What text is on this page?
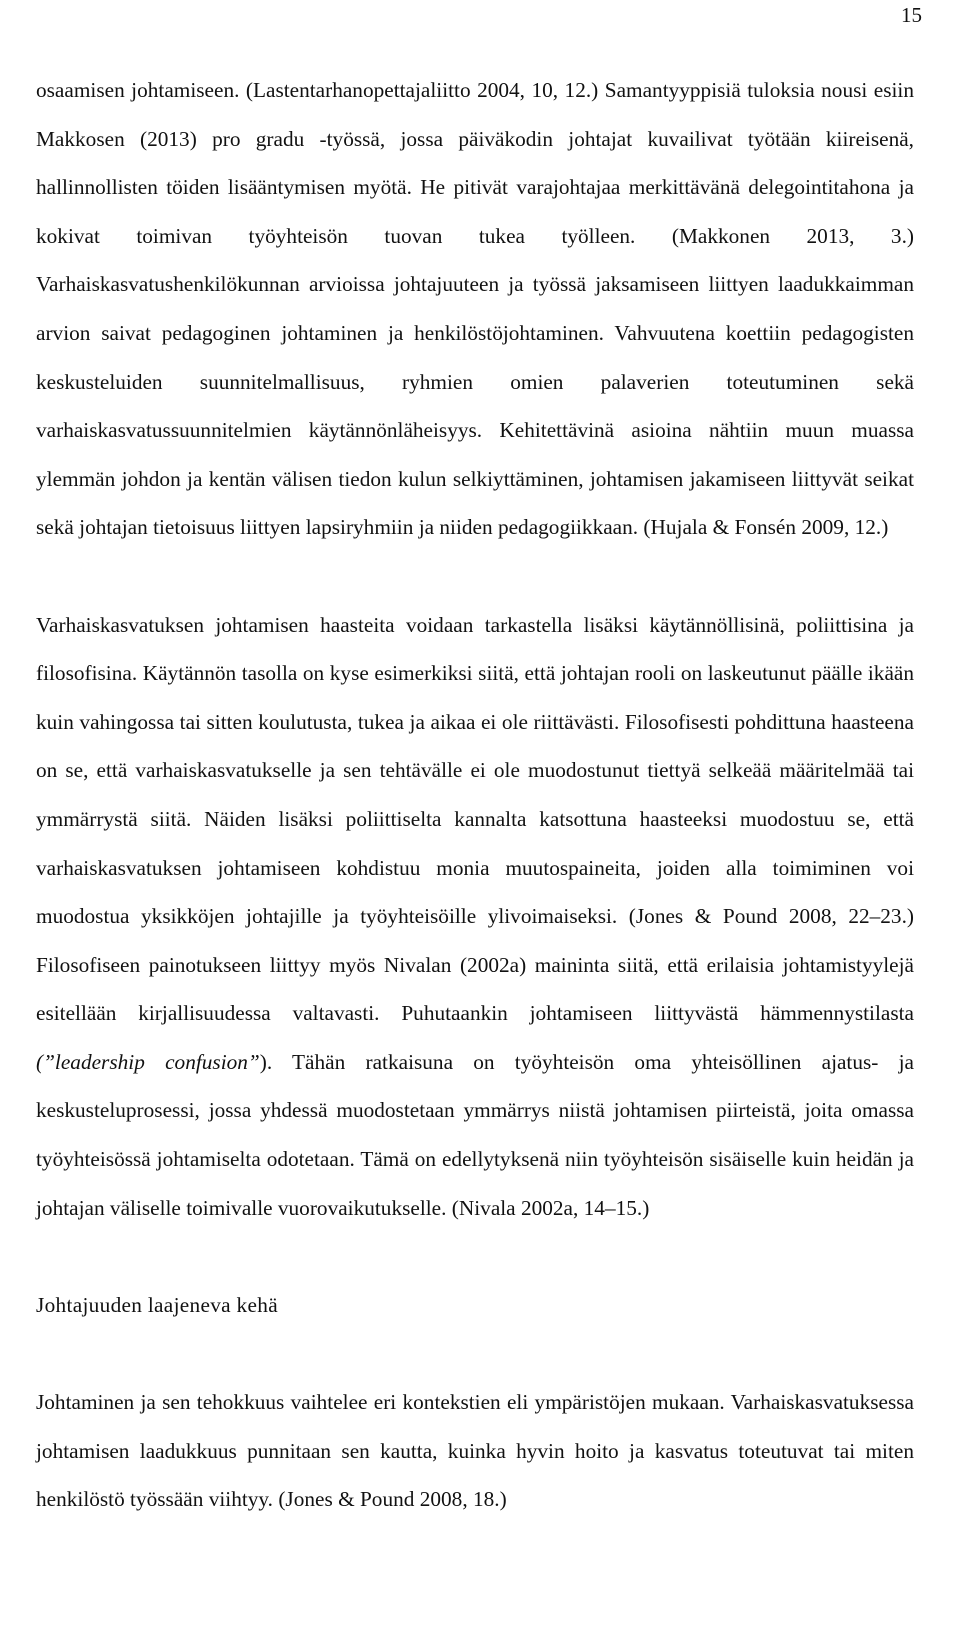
15

osaamisen johtamiseen. (Lastentarhanopettajaliitto 2004, 10, 12.) Samantyyppisiä tuloksia nousi esiin Makkosen (2013) pro gradu -työssä, jossa päiväkodin johtajat kuvailivat työtään kiireisenä, hallinnollisten töiden lisääntymisen myötä. He pitivät varajohtajaa merkittävänä delegointitahona ja kokivat toimivan työyhteisön tuovan tukea työlleen. (Makkonen 2013, 3.) Varhaiskasvatushenkilökunnan arvioissa johtajuuteen ja työssä jaksamiseen liittyen laadukkaimman arvion saivat pedagoginen johtaminen ja henkilöstöjohtaminen. Vahvuutena koettiin pedagogisten keskusteluiden suunnitelmallisuus, ryhmien omien palaverien toteutuminen sekä varhaiskasvatussuunnitelmien käytännönläheisyys. Kehitettävinä asioina nähtiin muun muassa ylemmän johdon ja kentän välisen tiedon kulun selkiyttäminen, johtamisen jakamiseen liittyvät seikat sekä johtajan tietoisuus liittyen lapsiryhmiin ja niiden pedagogiikkaan. (Hujala & Fonsén 2009, 12.)

Varhaiskasvatuksen johtamisen haasteita voidaan tarkastella lisäksi käytännöllisinä, poliittisina ja filosofisina. Käytännön tasolla on kyse esimerkiksi siitä, että johtajan rooli on laskeutunut päälle ikään kuin vahingossa tai sitten koulutusta, tukea ja aikaa ei ole riittävästi. Filosofisesti pohdittuna haasteena on se, että varhaiskasvatukselle ja sen tehtävälle ei ole muodostunut tiettyä selkeää määritelmää tai ymmärrystä siitä. Näiden lisäksi poliittiselta kannalta katsottuna haasteeksi muodostuu se, että varhaiskasvatuksen johtamiseen kohdistuu monia muutospaineita, joiden alla toimiminen voi muodostua yksikköjen johtajille ja työyhteisöille ylivoimaiseksi. (Jones & Pound 2008, 22–23.) Filosofiseen painotukseen liittyy myös Nivalan (2002a) maininta siitä, että erilaisia johtamistyylejä esitellään kirjallisuudessa valtavasti. Puhutaankin johtamiseen liittyvästä hämmennystilasta (”leadership confusion”). Tähän ratkaisuna on työyhteisön oma yhteisöllinen ajatus- ja keskusteluprosessi, jossa yhdessä muodostetaan ymmärrys niistä johtamisen piirteistä, joita omassa työyhteisössä johtamiselta odotetaan. Tämä on edellytyksenä niin työyhteisön sisäiselle kuin heidän ja johtajan väliselle toimivalle vuorovaikutukselle. (Nivala 2002a, 14–15.)

Johtajuuden laajeneva kehä

Johtaminen ja sen tehokkuus vaihtelee eri kontekstien eli ympäristöjen mukaan. Varhaiskasvatuksessa johtamisen laadukkuus punnitaan sen kautta, kuinka hyvin hoito ja kasvatus toteutuvat tai miten henkilöstö työssään viihtyy. (Jones & Pound 2008, 18.)
